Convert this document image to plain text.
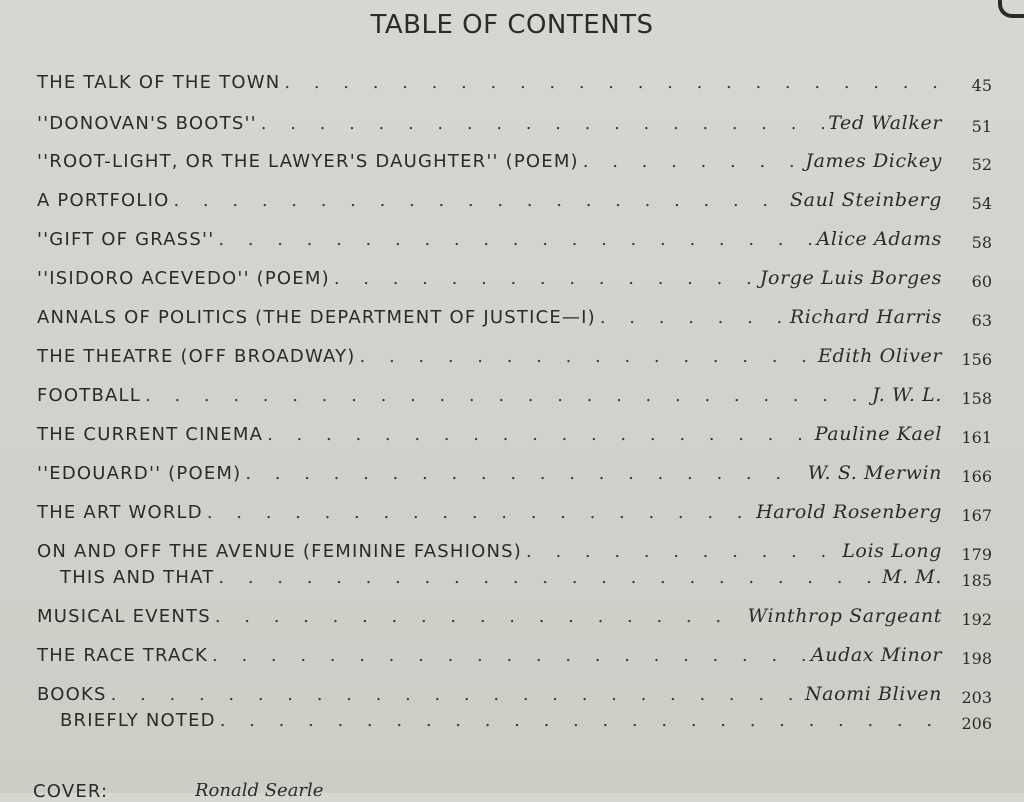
TABLE OF CONTENTS
THE TALK OF THE TOWN . . .	45
''DONOVAN'S BOOTS'' . . .	Ted Walker	51
''ROOT-LIGHT, OR THE LAWYER'S DAUGHTER'' (POEM) . . .	James Dickey	52
A PORTFOLIO . . .	Saul Steinberg	54
''GIFT OF GRASS'' . . .	Alice Adams	58
''ISIDORO ACEVEDO'' (POEM) . . .	Jorge Luis Borges	60
ANNALS OF POLITICS (THE DEPARTMENT OF JUSTICE—I) . . .	Richard Harris	63
THE THEATRE (OFF BROADWAY) . . .	Edith Oliver	156
FOOTBALL . . .	J. W. L.	158
THE CURRENT CINEMA . . .	Pauline Kael	161
''EDOUARD'' (POEM) . . .	W. S. Merwin	166
THE ART WORLD . . .	Harold Rosenberg	167
ON AND OFF THE AVENUE (FEMININE FASHIONS) . . .	Lois Long	179
THIS AND THAT . . .	M. M.	185
MUSICAL EVENTS . . .	Winthrop Sargeant	192
THE RACE TRACK . . .	Audax Minor	198
BOOKS . . .	Naomi Bliven	203
BRIEFLY NOTED . . .	206
COVER:	Ronald Searle
